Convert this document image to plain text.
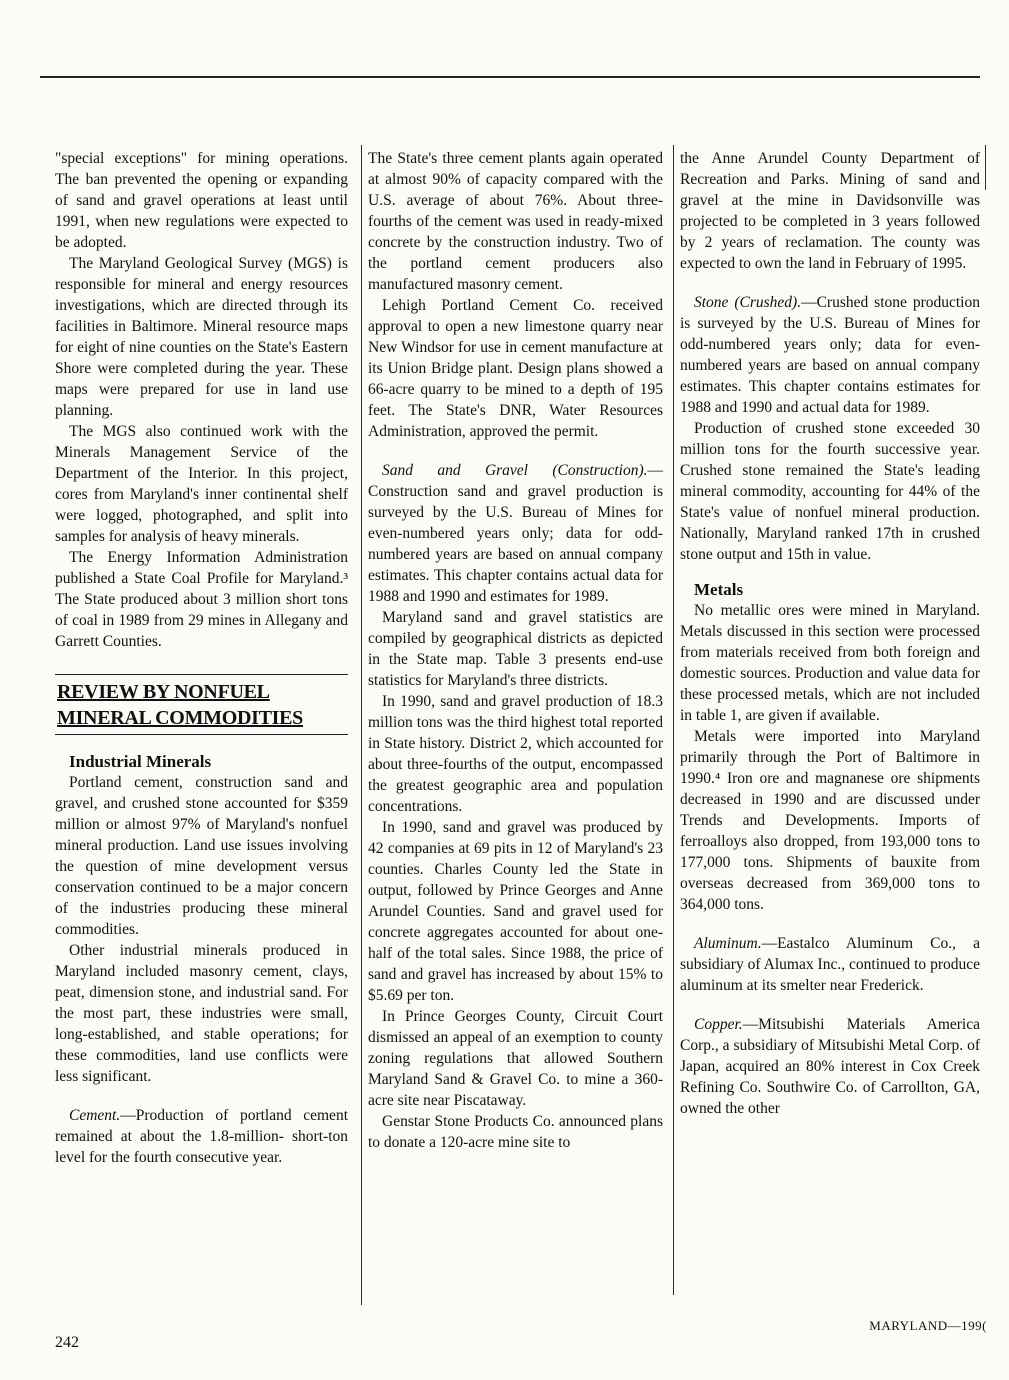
"special exceptions" for mining operations. The ban prevented the opening or expanding of sand and gravel operations at least until 1991, when new regulations were expected to be adopted.

The Maryland Geological Survey (MGS) is responsible for mineral and energy resources investigations, which are directed through its facilities in Baltimore. Mineral resource maps for eight of nine counties on the State's Eastern Shore were completed during the year. These maps were prepared for use in land use planning.

The MGS also continued work with the Minerals Management Service of the Department of the Interior. In this project, cores from Maryland's inner continental shelf were logged, photographed, and split into samples for analysis of heavy minerals.

The Energy Information Administration published a State Coal Profile for Maryland.³ The State produced about 3 million short tons of coal in 1989 from 29 mines in Allegany and Garrett Counties.

REVIEW BY NONFUEL
MINERAL COMMODITIES

Industrial Minerals

Portland cement, construction sand and gravel, and crushed stone accounted for $359 million or almost 97% of Maryland's nonfuel mineral production. Land use issues involving the question of mine development versus conservation continued to be a major concern of the industries producing these mineral commodities.

Other industrial minerals produced in Maryland included masonry cement, clays, peat, dimension stone, and industrial sand. For the most part, these industries were small, long-established, and stable operations; for these commodities, land use conflicts were less significant.

Cement.—Production of portland cement remained at about the 1.8-million- short-ton level for the fourth consecutive year.

The State's three cement plants again operated at almost 90% of capacity compared with the U.S. average of about 76%. About three-fourths of the cement was used in ready-mixed concrete by the construction industry. Two of the portland cement producers also manufactured masonry cement.

Lehigh Portland Cement Co. received approval to open a new limestone quarry near New Windsor for use in cement manufacture at its Union Bridge plant. Design plans showed a 66-acre quarry to be mined to a depth of 195 feet. The State's DNR, Water Resources Administration, approved the permit.

Sand and Gravel (Construction).—Construction sand and gravel production is surveyed by the U.S. Bureau of Mines for even-numbered years only; data for odd-numbered years are based on annual company estimates. This chapter contains actual data for 1988 and 1990 and estimates for 1989.

Maryland sand and gravel statistics are compiled by geographical districts as depicted in the State map. Table 3 presents end-use statistics for Maryland's three districts.

In 1990, sand and gravel production of 18.3 million tons was the third highest total reported in State history. District 2, which accounted for about three-fourths of the output, encompassed the greatest geographic area and population concentrations.

In 1990, sand and gravel was produced by 42 companies at 69 pits in 12 of Maryland's 23 counties. Charles County led the State in output, followed by Prince Georges and Anne Arundel Counties. Sand and gravel used for concrete aggregates accounted for about one-half of the total sales. Since 1988, the price of sand and gravel has increased by about 15% to $5.69 per ton.

In Prince Georges County, Circuit Court dismissed an appeal of an exemption to county zoning regulations that allowed Southern Maryland Sand & Gravel Co. to mine a 360-acre site near Piscataway.

Genstar Stone Products Co. announced plans to donate a 120-acre mine site to

the Anne Arundel County Department of Recreation and Parks. Mining of sand and gravel at the mine in Davidsonville was projected to be completed in 3 years followed by 2 years of reclamation. The county was expected to own the land in February of 1995.

Stone (Crushed).—Crushed stone production is surveyed by the U.S. Bureau of Mines for odd-numbered years only; data for even-numbered years are based on annual company estimates. This chapter contains estimates for 1988 and 1990 and actual data for 1989.

Production of crushed stone exceeded 30 million tons for the fourth successive year. Crushed stone remained the State's leading mineral commodity, accounting for 44% of the State's value of nonfuel mineral production. Nationally, Maryland ranked 17th in crushed stone output and 15th in value.

Metals

No metallic ores were mined in Maryland. Metals discussed in this section were processed from materials received from both foreign and domestic sources. Production and value data for these processed metals, which are not included in table 1, are given if available.

Metals were imported into Maryland primarily through the Port of Baltimore in 1990.⁴ Iron ore and magnanese ore shipments decreased in 1990 and are discussed under Trends and Developments. Imports of ferroalloys also dropped, from 193,000 tons to 177,000 tons. Shipments of bauxite from overseas decreased from 369,000 tons to 364,000 tons.

Aluminum.—Eastalco Aluminum Co., a subsidiary of Alumax Inc., continued to produce aluminum at its smelter near Frederick.

Copper.—Mitsubishi Materials America Corp., a subsidiary of Mitsubishi Metal Corp. of Japan, acquired an 80% interest in Cox Creek Refining Co. Southwire Co. of Carrollton, GA, owned the other

242
MARYLAND—199(
